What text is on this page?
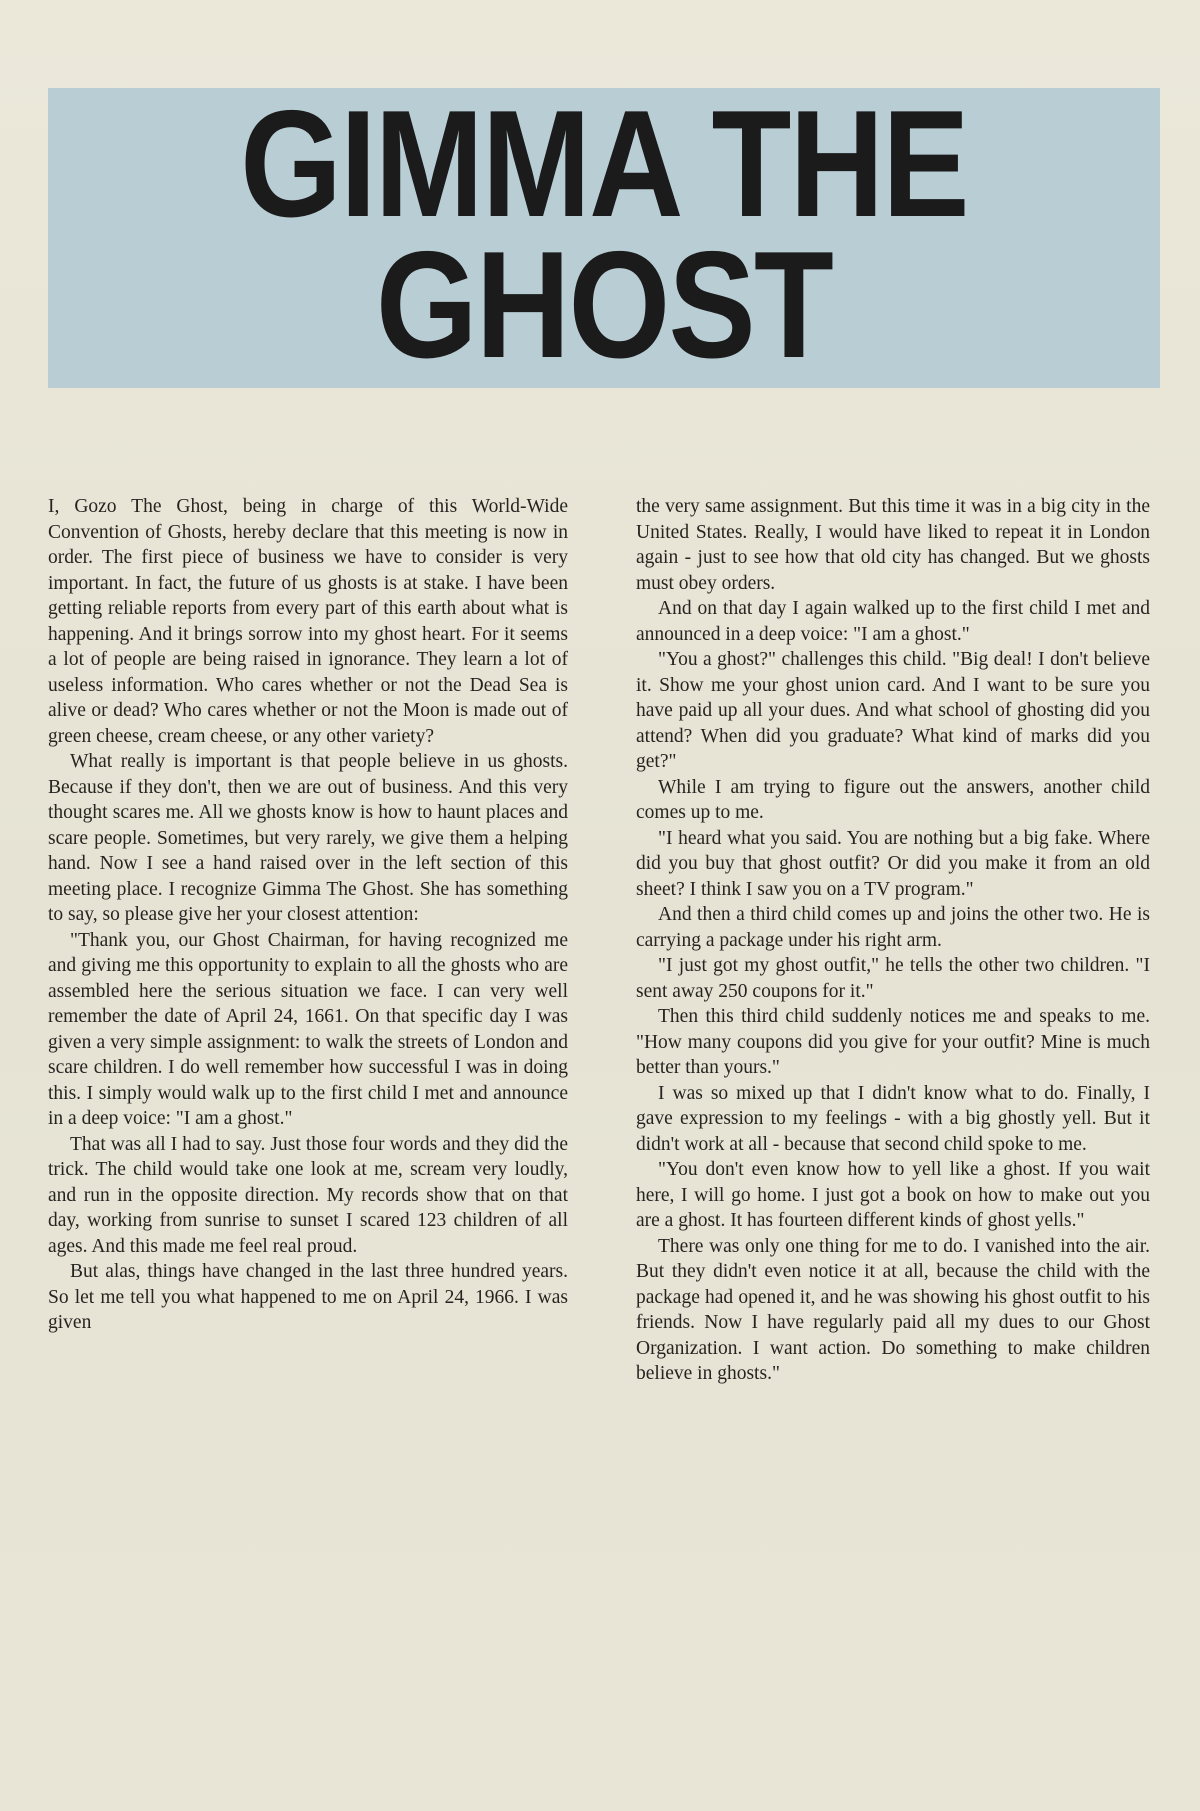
GIMMA THE
GHOST

I, Gozo The Ghost, being in charge of this World-Wide Convention of Ghosts, hereby declare that this meeting is now in order. The first piece of business we have to consider is very important. In fact, the future of us ghosts is at stake. I have been getting reliable reports from every part of this earth about what is happening. And it brings sorrow into my ghost heart. For it seems a lot of people are being raised in ignorance. They learn a lot of useless information. Who cares whether or not the Dead Sea is alive or dead? Who cares whether or not the Moon is made out of green cheese, cream cheese, or any other variety?

What really is important is that people believe in us ghosts. Because if they don't, then we are out of business. And this very thought scares me. All we ghosts know is how to haunt places and scare people. Sometimes, but very rarely, we give them a helping hand. Now I see a hand raised over in the left section of this meeting place. I recognize Gimma The Ghost. She has something to say, so please give her your closest attention:

"Thank you, our Ghost Chairman, for having recognized me and giving me this opportunity to explain to all the ghosts who are assembled here the serious situation we face. I can very well remember the date of April 24, 1661. On that specific day I was given a very simple assignment: to walk the streets of London and scare children. I do well remember how successful I was in doing this. I simply would walk up to the first child I met and announce in a deep voice: "I am a ghost."

That was all I had to say. Just those four words and they did the trick. The child would take one look at me, scream very loudly, and run in the opposite direction. My records show that on that day, working from sunrise to sunset I scared 123 children of all ages. And this made me feel real proud.

But alas, things have changed in the last three hundred years. So let me tell you what happened to me on April 24, 1966. I was given

the very same assignment. But this time it was in a big city in the United States. Really, I would have liked to repeat it in London again - just to see how that old city has changed. But we ghosts must obey orders.

And on that day I again walked up to the first child I met and announced in a deep voice: "I am a ghost."

"You a ghost?" challenges this child. "Big deal! I don't believe it. Show me your ghost union card. And I want to be sure you have paid up all your dues. And what school of ghosting did you attend? When did you graduate? What kind of marks did you get?"

While I am trying to figure out the answers, another child comes up to me.

"I heard what you said. You are nothing but a big fake. Where did you buy that ghost outfit? Or did you make it from an old sheet? I think I saw you on a TV program."

And then a third child comes up and joins the other two. He is carrying a package under his right arm.

"I just got my ghost outfit," he tells the other two children. "I sent away 250 coupons for it."

Then this third child suddenly notices me and speaks to me. "How many coupons did you give for your outfit? Mine is much better than yours."

I was so mixed up that I didn't know what to do. Finally, I gave expression to my feelings - with a big ghostly yell. But it didn't work at all - because that second child spoke to me.

"You don't even know how to yell like a ghost. If you wait here, I will go home. I just got a book on how to make out you are a ghost. It has fourteen different kinds of ghost yells."

There was only one thing for me to do. I vanished into the air. But they didn't even notice it at all, because the child with the package had opened it, and he was showing his ghost outfit to his friends. Now I have regularly paid all my dues to our Ghost Organization. I want action. Do something to make children believe in ghosts."
